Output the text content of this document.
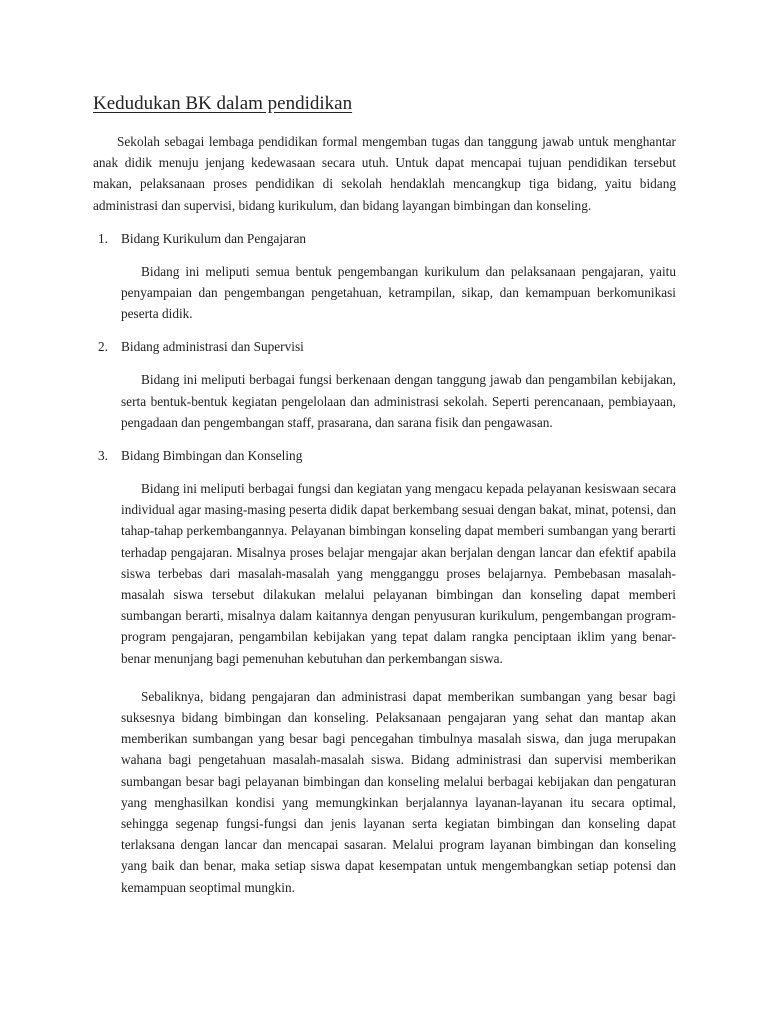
Kedudukan BK dalam pendidikan

Sekolah sebagai lembaga pendidikan formal mengemban tugas dan tanggung jawab untuk menghantar anak didik menuju jenjang kedewasaan secara utuh. Untuk dapat mencapai tujuan pendidikan tersebut makan, pelaksanaan proses pendidikan di sekolah hendaklah mencangkup tiga bidang, yaitu bidang administrasi dan supervisi, bidang kurikulum, dan bidang layangan bimbingan dan konseling.

1. Bidang Kurikulum dan Pengajaran

Bidang ini meliputi semua bentuk pengembangan kurikulum dan pelaksanaan pengajaran, yaitu penyampaian dan pengembangan pengetahuan, ketrampilan, sikap, dan kemampuan berkomunikasi peserta didik.

2. Bidang administrasi dan Supervisi

Bidang ini meliputi berbagai fungsi berkenaan dengan tanggung jawab dan pengambilan kebijakan, serta bentuk-bentuk kegiatan pengelolaan dan administrasi sekolah. Seperti perencanaan, pembiayaan, pengadaan dan pengembangan staff, prasarana, dan sarana fisik dan pengawasan.

3. Bidang Bimbingan dan Konseling

Bidang ini meliputi berbagai fungsi dan kegiatan yang mengacu kepada pelayanan kesiswaan secara individual agar masing-masing peserta didik dapat berkembang sesuai dengan bakat, minat, potensi, dan tahap-tahap perkembangannya. Pelayanan bimbingan konseling dapat memberi sumbangan yang berarti terhadap pengajaran. Misalnya proses belajar mengajar akan berjalan dengan lancar dan efektif apabila siswa terbebas dari masalah-masalah yang mengganggu proses belajarnya. Pembebasan masalah-masalah siswa tersebut dilakukan melalui pelayanan bimbingan dan konseling dapat memberi sumbangan berarti, misalnya dalam kaitannya dengan penyusuran kurikulum, pengembangan program-program pengajaran, pengambilan kebijakan yang tepat dalam rangka penciptaan iklim yang benar-benar menunjang bagi pemenuhan kebutuhan dan perkembangan siswa.

Sebaliknya, bidang pengajaran dan administrasi dapat memberikan sumbangan yang besar bagi suksesnya bidang bimbingan dan konseling. Pelaksanaan pengajaran yang sehat dan mantap akan memberikan sumbangan yang besar bagi pencegahan timbulnya masalah siswa, dan juga merupakan wahana bagi pengetahuan masalah-masalah siswa. Bidang administrasi dan supervisi memberikan sumbangan besar bagi pelayanan bimbingan dan konseling melalui berbagai kebijakan dan pengaturan yang menghasilkan kondisi yang memungkinkan berjalannya layanan-layanan itu secara optimal, sehingga segenap fungsi-fungsi dan jenis layanan serta kegiatan bimbingan dan konseling dapat terlaksana dengan lancar dan mencapai sasaran. Melalui program layanan bimbingan dan konseling yang baik dan benar, maka setiap siswa dapat kesempatan untuk mengembangkan setiap potensi dan kemampuan seoptimal mungkin.
